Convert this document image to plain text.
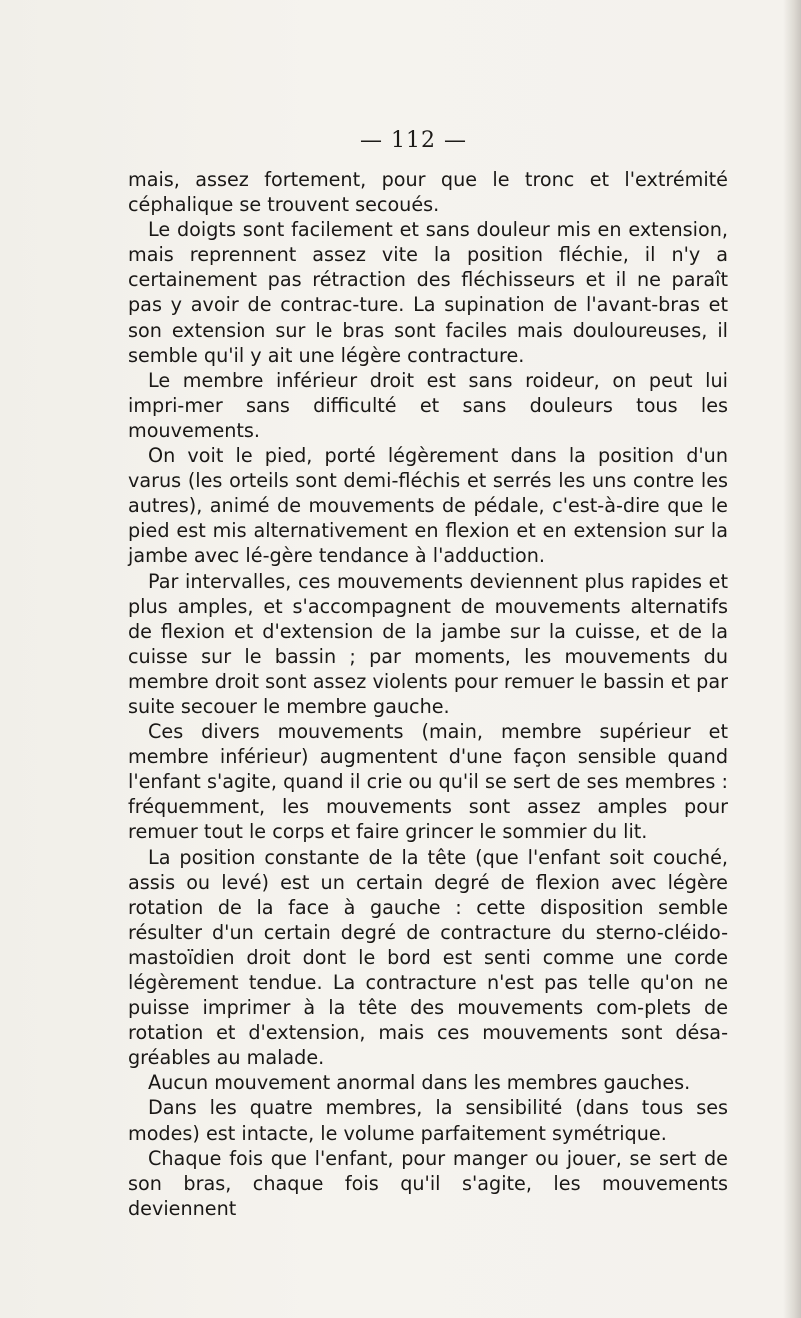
— 112 —

mais, assez fortement, pour que le tronc et l'extrémité céphalique se trouvent secoués.

Le doigts sont facilement et sans douleur mis en extension, mais reprennent assez vite la position fléchie, il n'y a certainement pas rétraction des fléchisseurs et il ne paraît pas y avoir de contrac-ture. La supination de l'avant-bras et son extension sur le bras sont faciles mais douloureuses, il semble qu'il y ait une légère contracture.

Le membre inférieur droit est sans roideur, on peut lui impri-mer sans difficulté et sans douleurs tous les mouvements.

On voit le pied, porté légèrement dans la position d'un varus (les orteils sont demi-fléchis et serrés les uns contre les autres), animé de mouvements de pédale, c'est-à-dire que le pied est mis alternativement en flexion et en extension sur la jambe avec lé-gère tendance à l'adduction.

Par intervalles, ces mouvements deviennent plus rapides et plus amples, et s'accompagnent de mouvements alternatifs de flexion et d'extension de la jambe sur la cuisse, et de la cuisse sur le bassin ; par moments, les mouvements du membre droit sont assez violents pour remuer le bassin et par suite secouer le membre gauche.

Ces divers mouvements (main, membre supérieur et membre inférieur) augmentent d'une façon sensible quand l'enfant s'agite, quand il crie ou qu'il se sert de ses membres : fréquemment, les mouvements sont assez amples pour remuer tout le corps et faire grincer le sommier du lit.

La position constante de la tête (que l'enfant soit couché, assis ou levé) est un certain degré de flexion avec légère rotation de la face à gauche : cette disposition semble résulter d'un certain degré de contracture du sterno-cléido-mastoïdien droit dont le bord est senti comme une corde légèrement tendue. La contracture n'est pas telle qu'on ne puisse imprimer à la tête des mouvements com-plets de rotation et d'extension, mais ces mouvements sont désa-gréables au malade.

Aucun mouvement anormal dans les membres gauches.

Dans les quatre membres, la sensibilité (dans tous ses modes) est intacte, le volume parfaitement symétrique.

Chaque fois que l'enfant, pour manger ou jouer, se sert de son bras, chaque fois qu'il s'agite, les mouvements deviennent
